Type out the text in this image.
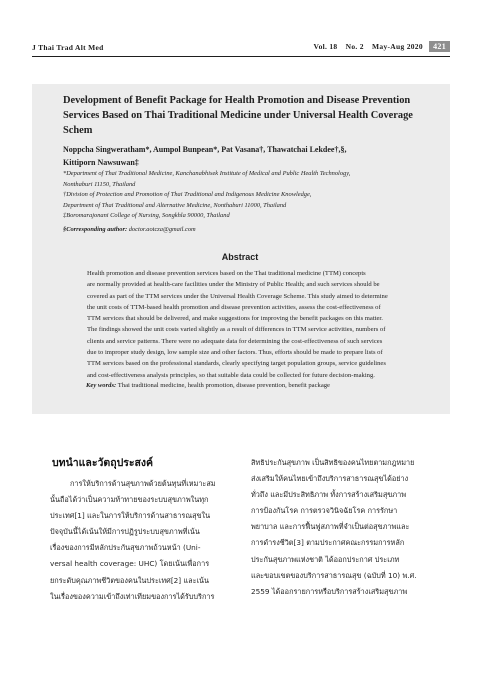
J Thai Trad Alt Med	Vol. 18 No. 2 May-Aug 2020 421
Development of Benefit Package for Health Promotion and Disease Prevention Services Based on Thai Traditional Medicine under Universal Health Coverage Schem
Noppcha Singweratham*, Aumpol Bunpean*, Pat Vasana†, Thawatchai Lekdee†,§,
Kittiporn Nawsuwan‡
*Department of Thai Traditional Medicine, Kanchanabhisek Institute of Medical and Public Health Technology,
Nonthaburi 11150, Thailand
†Division of Protection and Promotion of Thai Traditional and Indigenous Medicine Knowledge,
Department of Thai Traditional and Alternative Medicine, Nonthaburi 11000, Thailand
‡Boromarajonani College of Nursing, Songkhla 90000, Thailand
§Corresponding author: doctor.aotcza@gmail.com
Abstract

Health promotion and disease prevention services based on the Thai traditional medicine (TTM) concepts
are normally provided at health-care facilities under the Ministry of Public Health; and such services should be
covered as part of the TTM services under the Universal Health Coverage Scheme. This study aimed to determine
the unit costs of TTM-based health promotion and disease prevention activities, assess the cost-effectiveness of
TTM services that should be delivered, and make suggestions for improving the benefit packages on this matter.
The findings showed the unit costs varied slightly as a result of differences in TTM service activities, numbers of
clients and service patterns. There were no adequate data for determining the cost-effectiveness of such services
due to improper study design, low sample size and other factors. Thus, efforts should be made to prepare lists of
TTM services based on the professional standards, clearly specifying target population groups, service guidelines
and cost-effectiveness analysis principles, so that suitable data could be collected for future decision-making.

Key words: Thai traditional medicine, health promotion, disease prevention, benefit package
บทนำและวัตถุประสงค์
การให้บริการด้านสุขภาพด้วยต้นทุนที่เหมาะสม
นั้นถือได้ว่าเป็นความท้าทายของระบบสุขภาพในทุก
ประเทศ[1] และในการให้บริการด้านสาธารณสุขใน
ปัจจุบันนี้ได้เน้นให้มีการปฏิรูประบบสุขภาพที่เน้น
เรื่องของการมีหลักประกันสุขภาพถ้วนหน้า (Uni-
versal health coverage: UHC) โดยเน้นเพื่อการ
ยกระดับคุณภาพชีวิตของคนในประเทศ[2] และเน้น
ในเรื่องของความเข้าถึงเท่าเทียมของการได้รับบริการ
สิทธิประกันสุขภาพ เป็นสิทธิของคนไทยตามกฎหมาย
ส่งเสริมให้คนไทยเข้าถึงบริการสาธารณสุขได้อย่าง
ทั่วถึง และมีประสิทธิภาพ ทั้งการสร้างเสริมสุขภาพ
การป้องกันโรค การตรวจวินิจฉัยโรค การรักษา
พยาบาล และการฟื้นฟูสภาพที่จำเป็นต่อสุขภาพและ
การดำรงชีวิต[3] ตามประกาศคณะกรรมการหลัก
ประกันสุขภาพแห่งชาติ ได้ออกประกาศ ประเภท
และขอบเขตของบริการสาธารณสุข (ฉบับที่ 10) พ.ศ.
2559 ได้ออกรายการหรือบริการสร้างเสริมสุขภาพ
